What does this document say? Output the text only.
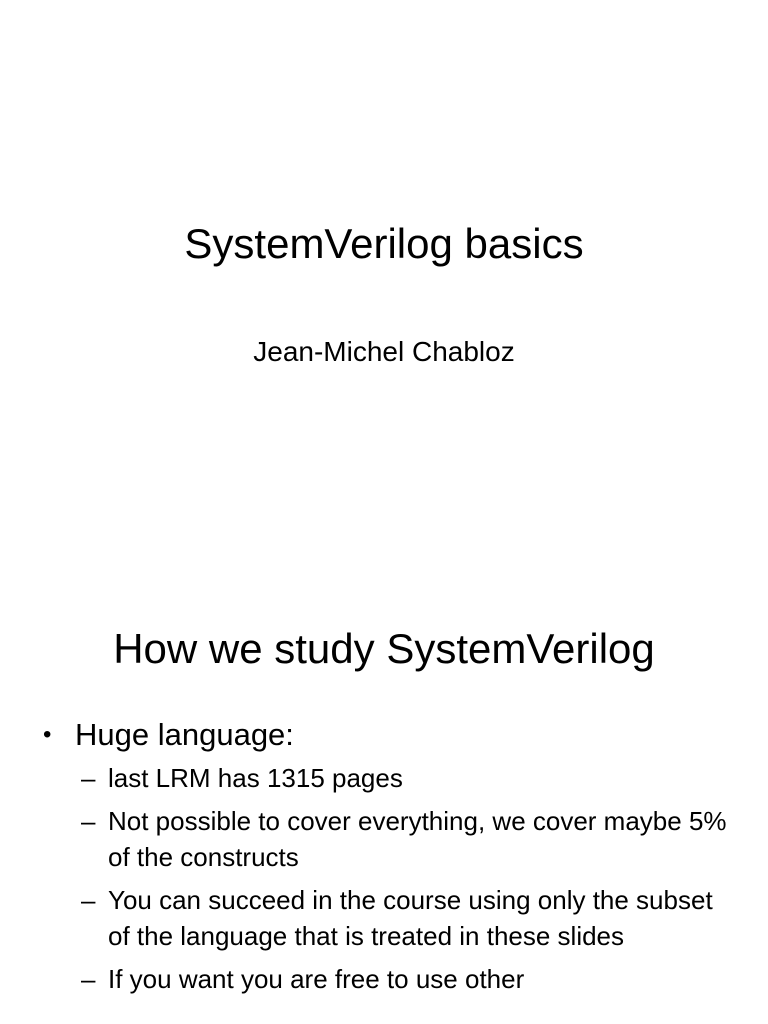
SystemVerilog basics

Jean-Michel Chabloz

How we study SystemVerilog
• Huge language:
– last LRM has 1315 pages
– Not possible to cover everything, we cover maybe 5% of the constructs
– You can succeed in the course using only the subset of the language that is treated in these slides
– If you want you are free to use other
